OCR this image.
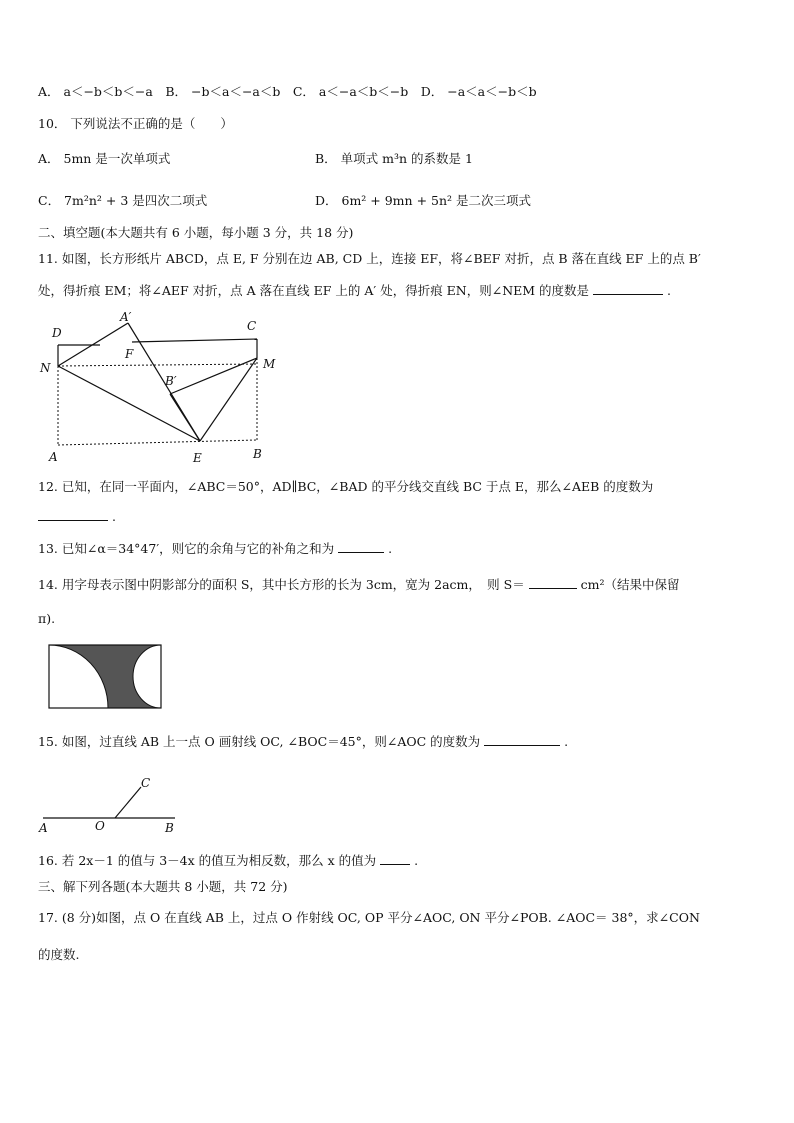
A． a＜−b＜b＜−a　B． −b＜a＜−a＜b　C． a＜−a＜b＜−b　D． −a＜a＜−b＜b
10． 下列说法不正确的是（　　）
A． 5mn 是一次单项式	B． 单项式 m³n 的系数是 1
C． 7m²n² + 3 是四次二项式	D． 6m² + 9mn + 5n² 是二次三项式
二、填空题(本大题共有 6 小题，每小题 3 分，共 18 分)
11. 如图，长方形纸片 ABCD，点 E, F 分别在边 AB, CD 上，连接 EF，将∠BEF 对折，点 B 落在直线 EF 上的点 B′
处，得折痕 EM；将∠AEF 对折，点 A 落在直线 EF 上的 A′ 处，得折痕 EN，则∠NEM 的度数是	.
D
A′
C
F
N	M
B′
A	E	B
12. 已知，在同一平面内，∠ABC＝50°，AD∥BC，∠BAD 的平分线交直线 BC 于点 E，那么∠AEB 的度数为
.
13. 已知∠α＝34°47′，则它的余角与它的补角之和为	.
14. 用字母表示图中阴影部分的面积 S，其中长方形的长为 3cm，宽为 2acm，　则 S＝	cm²（结果中保留
π).
15. 如图，过直线 AB 上一点 O 画射线 OC, ∠BOC＝45°，则∠AOC 的度数为	.
A	O	B
C
16. 若 2x－1 的值与 3－4x 的值互为相反数，那么 x 的值为	.
三、解下列各题(本大题共 8 小题，共 72 分)
17. (8 分)如图，点 O 在直线 AB 上，过点 O 作射线 OC, OP 平分∠AOC, ON 平分∠POB. ∠AOC＝ 38°，求∠CON
的度数.
